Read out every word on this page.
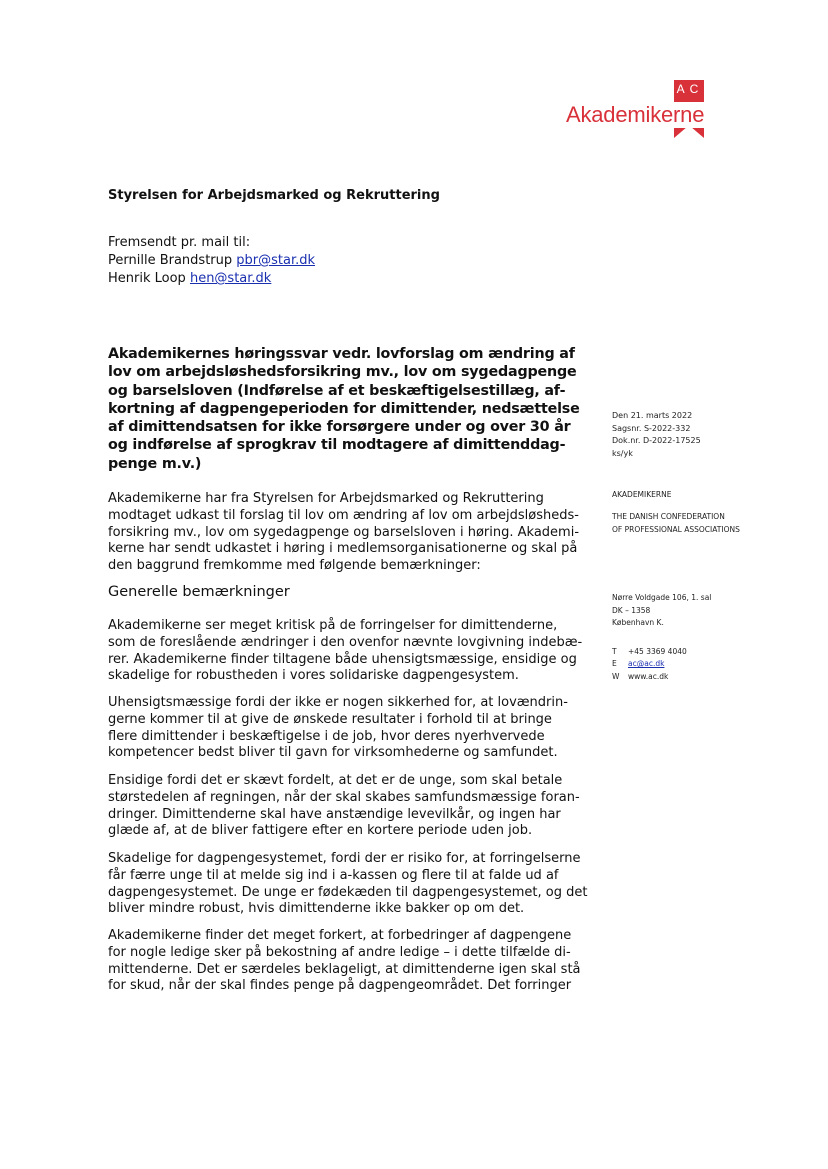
AC
Akademikerne
Styrelsen for Arbejdsmarked og Rekruttering
Fremsendt pr. mail til:
Pernille Brandstrup pbr@star.dk
Henrik Loop hen@star.dk
Akademikernes høringssvar vedr. lovforslag om ændring af
lov om arbejdsløshedsforsikring mv., lov om sygedagpenge
og barselsloven (Indførelse af et beskæftigelsestillæg, af-
kortning af dagpengeperioden for dimittender, nedsættelse
af dimittendsatsen for ikke forsørgere under og over 30 år
og indførelse af sprogkrav til modtagere af dimittenddag-
penge m.v.)
Den 21. marts 2022
Sagsnr. S-2022-332
Dok.nr. D-2022-17525
ks/yk
AKADEMIKERNE
THE DANISH CONFEDERATION
OF PROFESSIONAL ASSOCIATIONS
Nørre Voldgade 106, 1. sal
DK – 1358
København K.
T	+45 3369 4040
E	ac@ac.dk
W	www.ac.dk
Akademikerne har fra Styrelsen for Arbejdsmarked og Rekruttering
modtaget udkast til forslag til lov om ændring af lov om arbejdsløsheds-
forsikring mv., lov om sygedagpenge og barselsloven i høring. Akademi-
kerne har sendt udkastet i høring i medlemsorganisationerne og skal på
den baggrund fremkomme med følgende bemærkninger:
Generelle bemærkninger
Akademikerne ser meget kritisk på de forringelser for dimittenderne,
som de foreslående ændringer i den ovenfor nævnte lovgivning indebæ-
rer. Akademikerne finder tiltagene både uhensigtsmæssige, ensidige og
skadelige for robustheden i vores solidariske dagpengesystem.
Uhensigtsmæssige fordi der ikke er nogen sikkerhed for, at lovændrin-
gerne kommer til at give de ønskede resultater i forhold til at bringe
flere dimittender i beskæftigelse i de job, hvor deres nyerhvervede
kompetencer bedst bliver til gavn for virksomhederne og samfundet.
Ensidige fordi det er skævt fordelt, at det er de unge, som skal betale
størstedelen af regningen, når der skal skabes samfundsmæssige foran-
dringer. Dimittenderne skal have anstændige levevilkår, og ingen har
glæde af, at de bliver fattigere efter en kortere periode uden job.
Skadelige for dagpengesystemet, fordi der er risiko for, at forringelserne
får færre unge til at melde sig ind i a-kassen og flere til at falde ud af
dagpengesystemet. De unge er fødekæden til dagpengesystemet, og det
bliver mindre robust, hvis dimittenderne ikke bakker op om det.
Akademikerne finder det meget forkert, at forbedringer af dagpengene
for nogle ledige sker på bekostning af andre ledige – i dette tilfælde di-
mittenderne. Det er særdeles beklageligt, at dimittenderne igen skal stå
for skud, når der skal findes penge på dagpengeområdet. Det forringer
